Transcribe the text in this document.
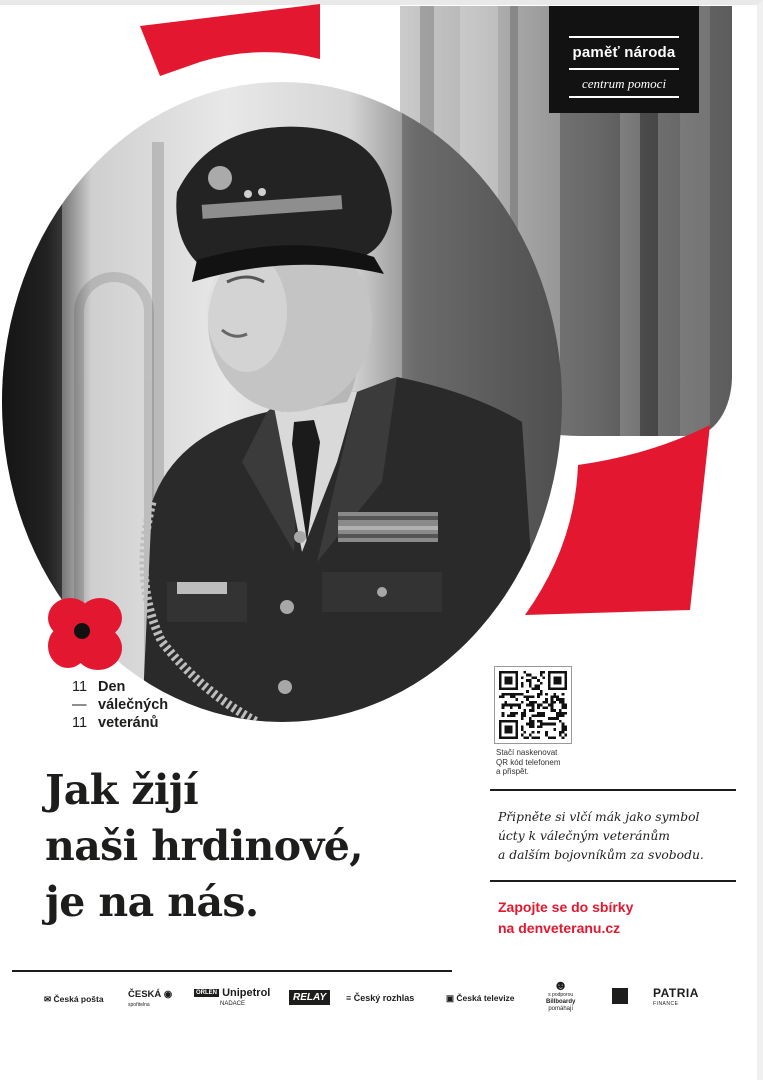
paměť národa
centrum pomoci
11 Den
— válečných
11 veteránů
Jak žijí
naši hrdinové,
je na nás.
Stačí naskenovat
QR kód telefonem
a přispět.
Připněte si vlčí mák jako symbol
úcty k válečným veteránům
a dalším bojovníkům za svobodu.
Zapojte se do sbírky
na denveteranu.cz
✉ Česká pošta	ČESKÁ ◉
spořitelna
ORLEN Unipetrol
NADACE
RELAY	≡ Český rozhlas	▣ Česká televize
☻
s podporou
Billboardy
pomáhají
PATRIA
FINANCE
